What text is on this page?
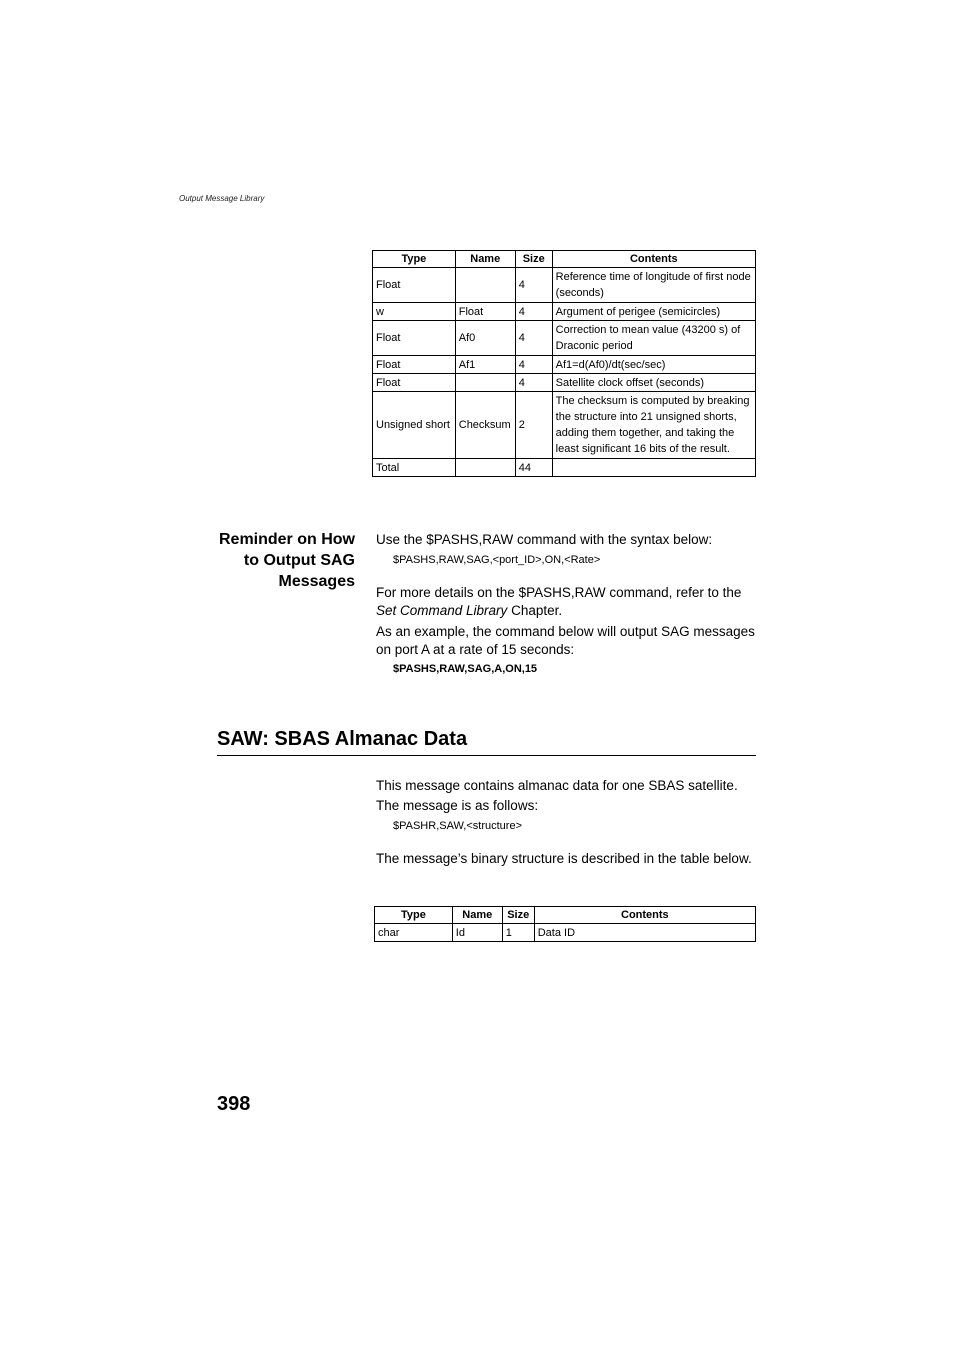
Output Message Library
Type	Name	Size	Contents
Float		4	Reference time of longitude of first node (seconds)
w	Float	4	Argument of perigee (semicircles)
Float	Af0	4	Correction to mean value (43200 s) of Draconic period
Float	Af1	4	Af1=d(Af0)/dt(sec/sec)
Float		4	Satellite clock offset (seconds)
Unsigned short	Checksum	2	The checksum is computed by breaking the structure into 21 unsigned shorts, adding them together, and taking the least significant 16 bits of the result.
Total		44	
Reminder on How to Output SAG Messages

Use the $PASHS,RAW command with the syntax below:

$PASHS,RAW,SAG,<port_ID>,ON,<Rate>

For more details on the $PASHS,RAW command, refer to the Set Command Library Chapter.

As an example, the command below will output SAG messages on port A at a rate of 15 seconds:

$PASHS,RAW,SAG,A,ON,15

SAW: SBAS Almanac Data

This message contains almanac data for one SBAS satellite.

The message is as follows:

$PASHR,SAW,<structure>

The message’s binary structure is described in the table below.

Type	Name	Size	Contents
char	Id	1	Data ID
398
